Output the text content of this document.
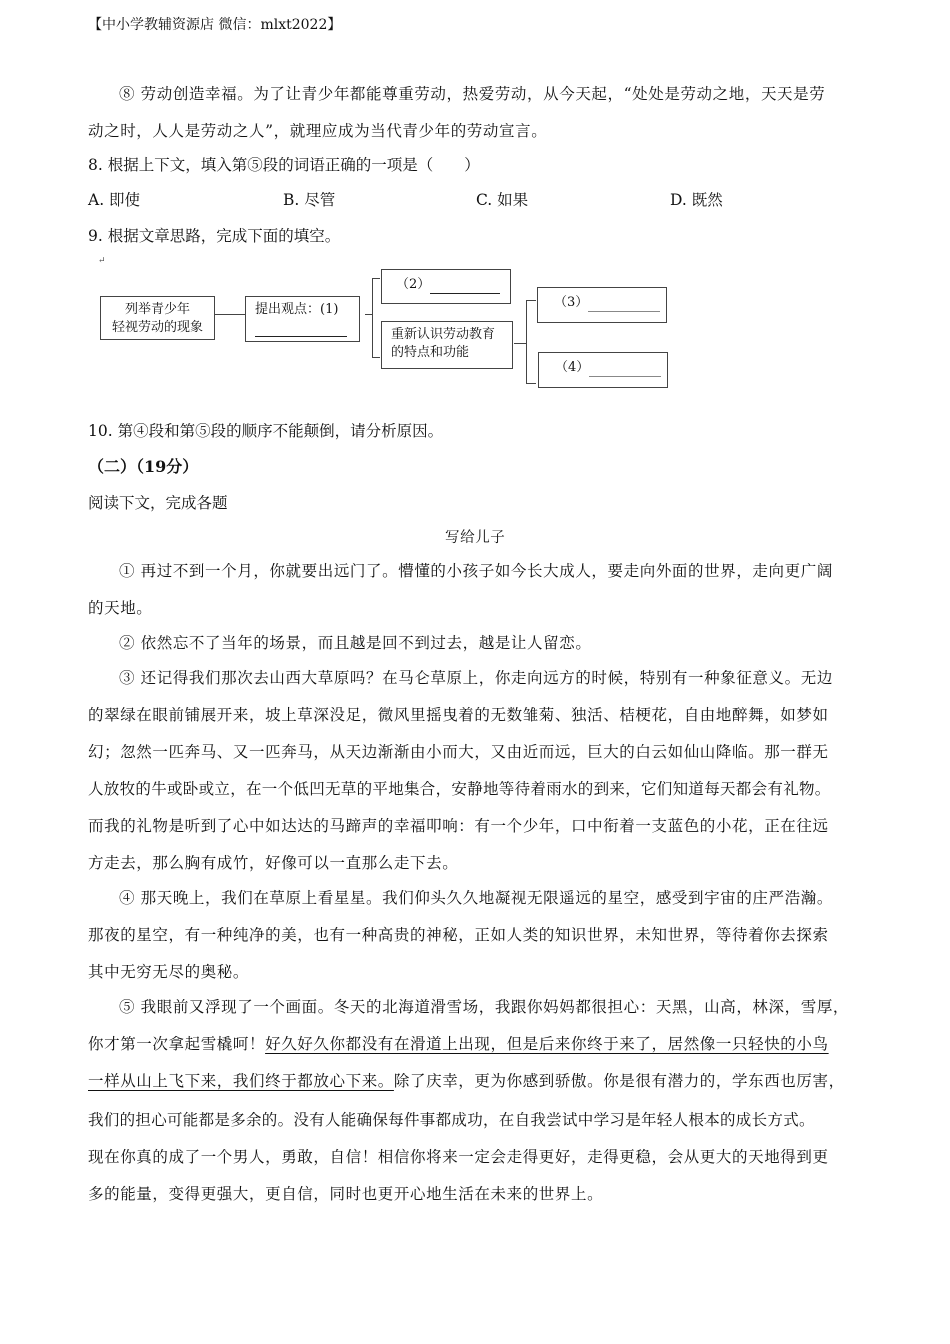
【中小学教辅资源店 微信：mlxt2022】
⑧ 劳动创造幸福。为了让青少年都能尊重劳动，热爱劳动，从今天起，“处处是劳动之地，天天是劳
动之时，人人是劳动之人”，就理应成为当代青少年的劳动宣言。
8. 根据上下文，填入第⑤段的词语正确的一项是（　　）
A. 即使	B. 尽管	C. 如果	D. 既然
9. 根据文章思路，完成下面的填空。
↵
列举青少年
轻视劳动的现象
提出观点：(1)
（2）
重新认识劳动教育
的特点和功能
（3）
（4）
10. 第④段和第⑤段的顺序不能颠倒，请分析原因。
（二）（19分）
阅读下文，完成各题
写给儿子
① 再过不到一个月，你就要出远门了。懵懂的小孩子如今长大成人，要走向外面的世界，走向更广阔
的天地。
② 依然忘不了当年的场景，而且越是回不到过去，越是让人留恋。
③ 还记得我们那次去山西大草原吗？在马仑草原上，你走向远方的时候，特别有一种象征意义。无边
的翠绿在眼前铺展开来，坡上草深没足，微风里摇曳着的无数雏菊、独活、桔梗花，自由地醉舞，如梦如
幻；忽然一匹奔马、又一匹奔马，从天边渐渐由小而大，又由近而远，巨大的白云如仙山降临。那一群无
人放牧的牛或卧或立，在一个低凹无草的平地集合，安静地等待着雨水的到来，它们知道每天都会有礼物。
而我的礼物是听到了心中如达达的马蹄声的幸福叩响：有一个少年，口中衔着一支蓝色的小花，正在往远
方走去，那么胸有成竹，好像可以一直那么走下去。
④ 那天晚上，我们在草原上看星星。我们仰头久久地凝视无限遥远的星空，感受到宇宙的庄严浩瀚。
那夜的星空，有一种纯净的美，也有一种高贵的神秘，正如人类的知识世界，未知世界，等待着你去探索
其中无穷无尽的奥秘。
⑤ 我眼前又浮现了一个画面。冬天的北海道滑雪场，我跟你妈妈都很担心：天黑，山高，林深，雪厚，
你才第一次拿起雪橇呵！好久好久你都没有在滑道上出现，但是后来你终于来了，居然像一只轻快的小鸟
一样从山上飞下来，我们终于都放心下来。除了庆幸，更为你感到骄傲。你是很有潜力的，学东西也厉害，
我们的担心可能都是多余的。没有人能确保每件事都成功，在自我尝试中学习是年轻人根本的成长方式。
现在你真的成了一个男人，勇敢，自信！相信你将来一定会走得更好，走得更稳，会从更大的天地得到更
多的能量，变得更强大，更自信，同时也更开心地生活在未来的世界上。
